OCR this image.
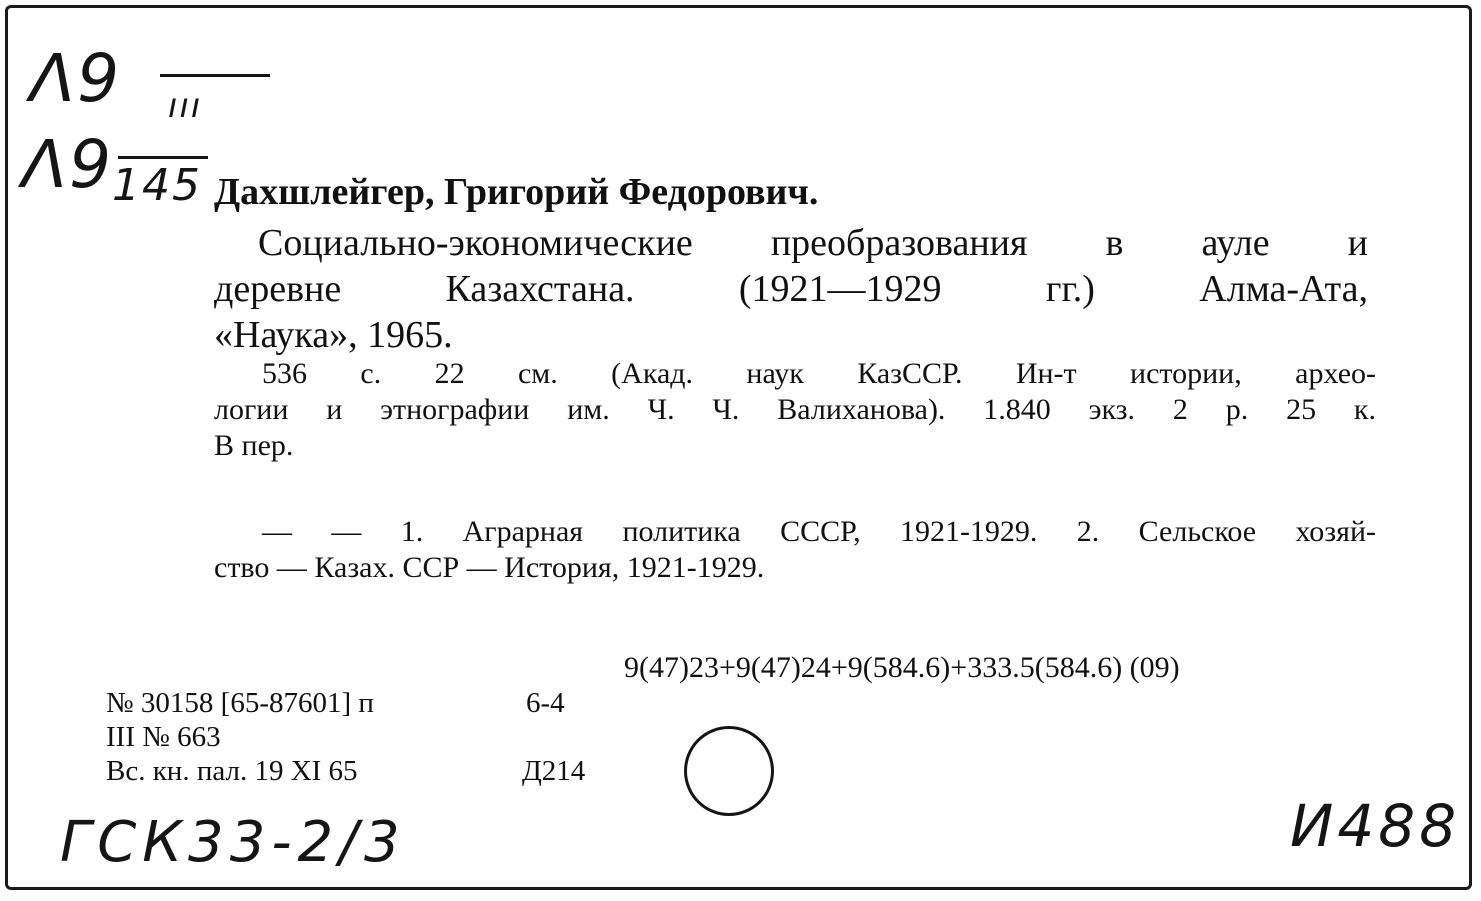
Λ9 ııı
Λ9
145 Дахшлейгер, Григорий Федорович.
Социально-экономические преобразования в ауле и
деревне Казахстана. (1921—1929 гг.) Алма-Ата,
«Наука», 1965.
536 с. 22 см. (Акад. наук КазССР. Ин-т истории, архео-
логии и этнографии им. Ч. Ч. Валиханова). 1.840 экз. 2 р. 25 к.
В пер.
— — 1. Аграрная политика СССР, 1921-1929. 2. Сельское хозяй-
ство — Казах. ССР — История, 1921-1929.
9(47)23+9(47)24+9(584.6)+333.5(584.6) (09)
№ 30158 [65-87601] п	6-4
III № 663
Вс. кн. пал. 19 XI 65	Д214
ГСК33-2/3	И488
